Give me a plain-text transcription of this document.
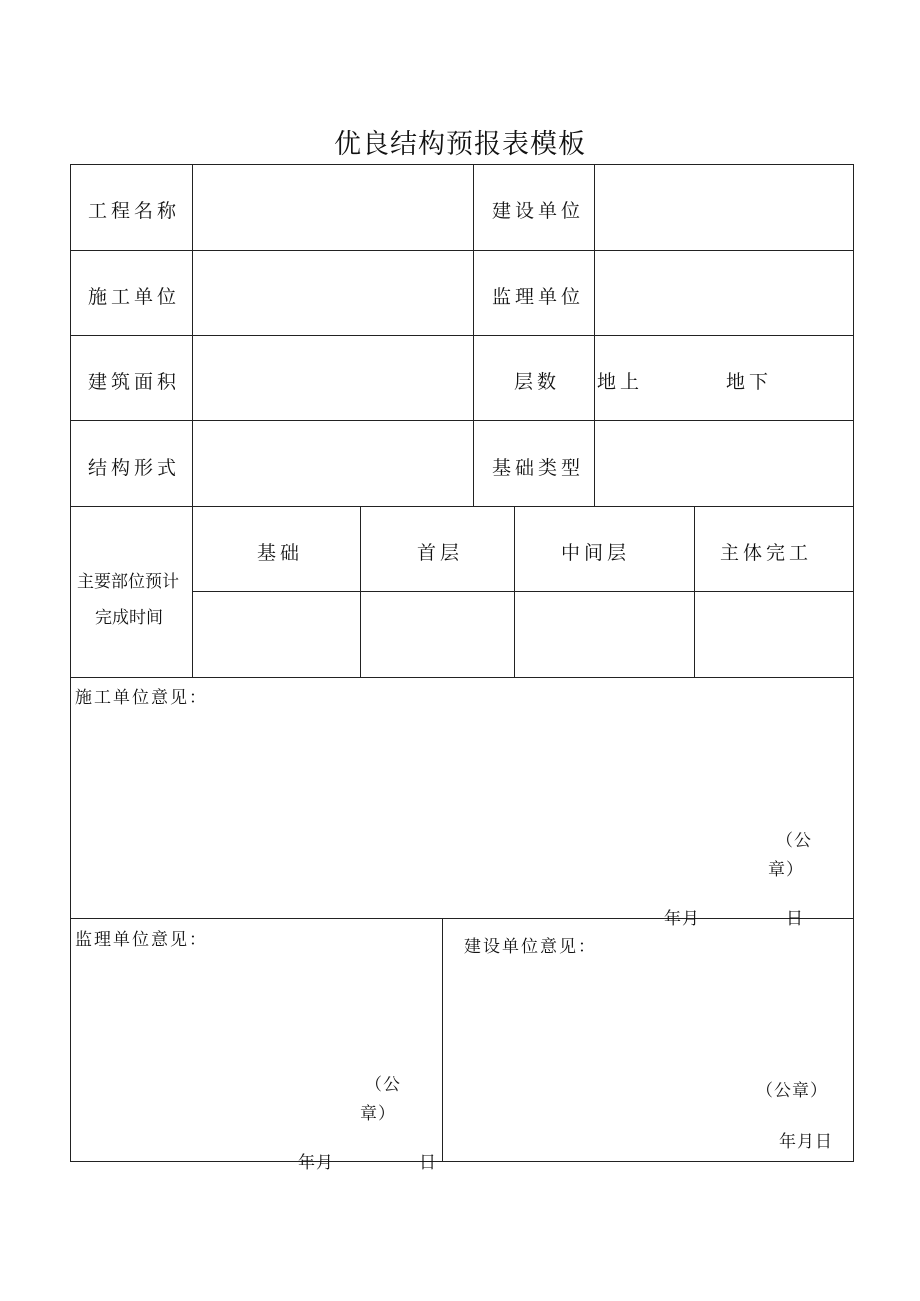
优良结构预报表模板
工程名称	建设单位
施工单位	监理单位
建筑面积	层数 地上	地下
结构形式	基础类型
主要部位预计
完成时间
基础	首层	中间层	主体完工
施工单位意见：
（公
章）
年月	日
监理单位意见：
（公
章）
年月	日
建设单位意见：
（公章）
年月日
